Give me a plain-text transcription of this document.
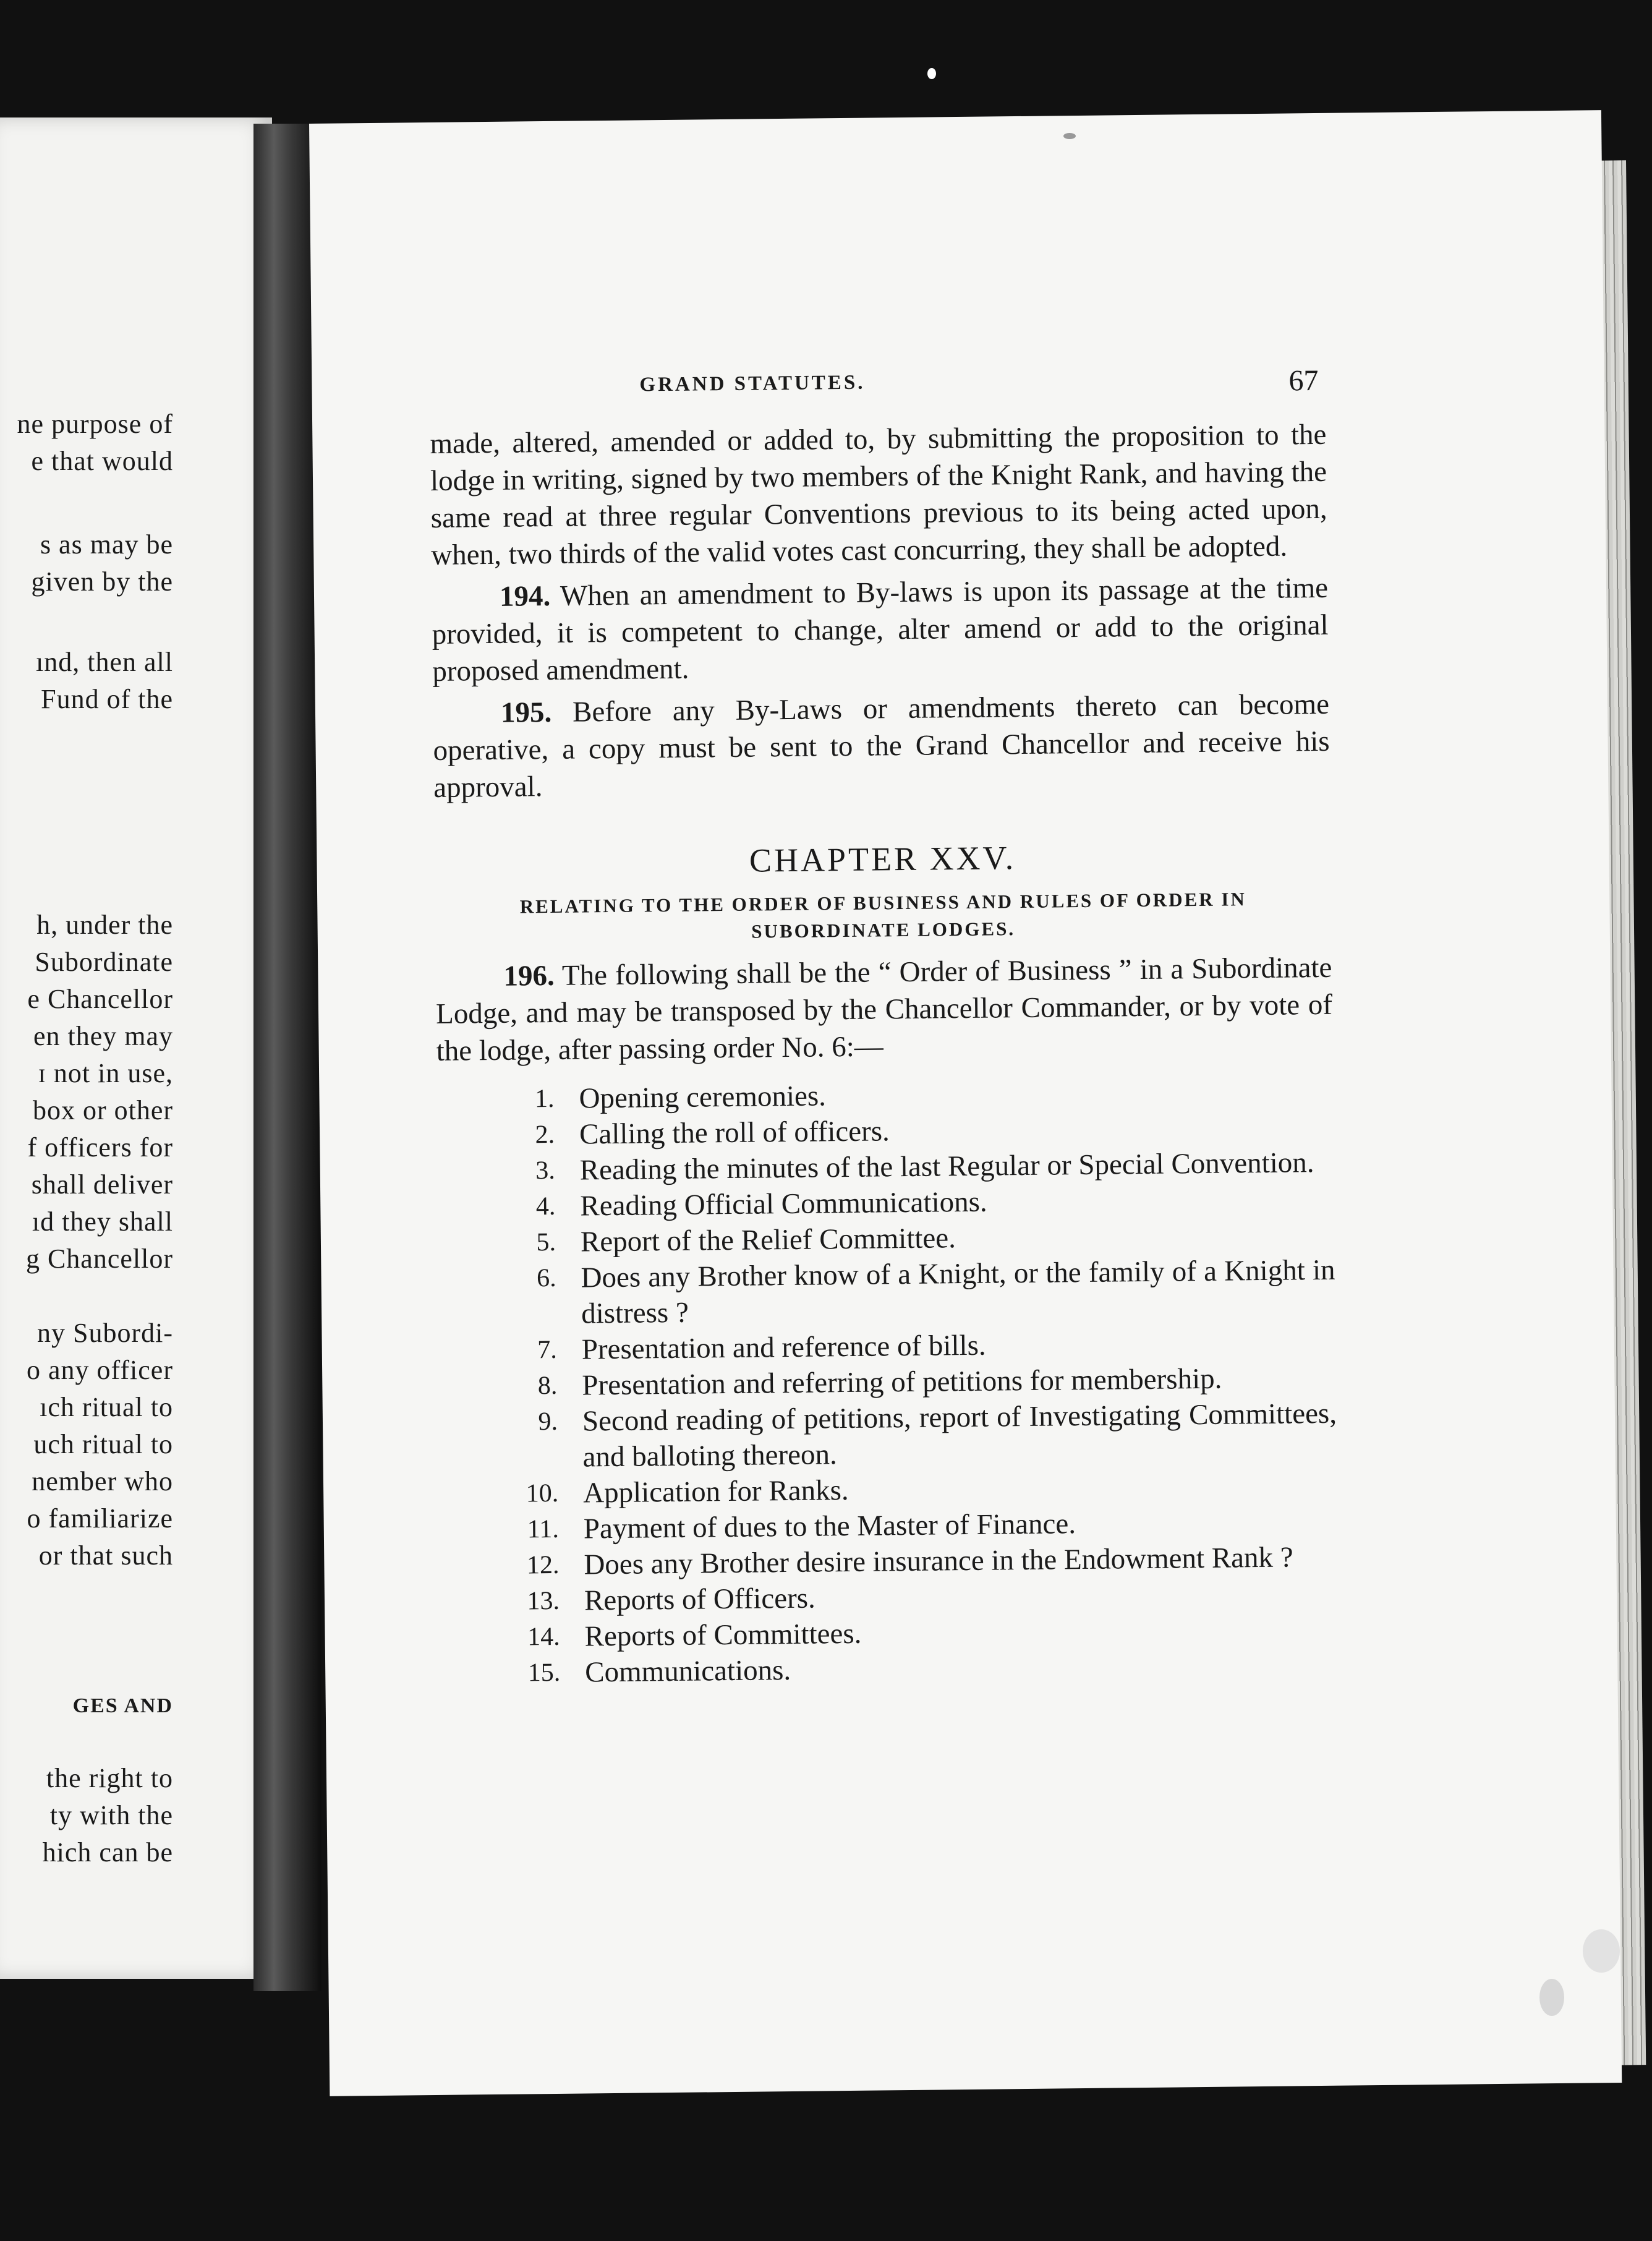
ne purpose of
e that would
s as may be
given by the
ınd, then all
Fund of the
h, under the
Subordinate
e Chancellor
en they may
ɪ not in use,
box or other
f officers for
shall deliver
ıd they shall
g Chancellor
ny Subordi-
o any officer
ıch ritual to
uch ritual to
nember who
o familiarize
or that such
GES AND
the right to
ty with the
hich can be
GRAND STATUTES.	67

made, altered, amended or added to, by submitting the proposition to the lodge in writing, signed by two members of the Knight Rank, and having the same read at three regular Conventions previous to its being acted upon, when, two thirds of the valid votes cast concurring, they shall be adopted.

194. When an amendment to By-laws is upon its passage at the time provided, it is competent to change, alter amend or add to the original proposed amendment.

195. Before any By-Laws or amendments thereto can become operative, a copy must be sent to the Grand Chancellor and receive his approval.

CHAPTER XXV.
RELATING TO THE ORDER OF BUSINESS AND RULES OF ORDER IN SUBORDINATE LODGES.

196. The following shall be the “ Order of Business ” in a Subordinate Lodge, and may be transposed by the Chancellor Commander, or by vote of the lodge, after passing order No. 6:—

1. Opening ceremonies.
2. Calling the roll of officers.
3. Reading the minutes of the last Regular or Special Convention.
4. Reading Official Communications.
5. Report of the Relief Committee.
6. Does any Brother know of a Knight, or the family of a Knight in distress ?
7. Presentation and reference of bills.
8. Presentation and referring of petitions for membership.
9. Second reading of petitions, report of Investigating Committees, and balloting thereon.
10. Application for Ranks.
11. Payment of dues to the Master of Finance.
12. Does any Brother desire insurance in the Endowment Rank ?
13. Reports of Officers.
14. Reports of Committees.
15. Communications.
